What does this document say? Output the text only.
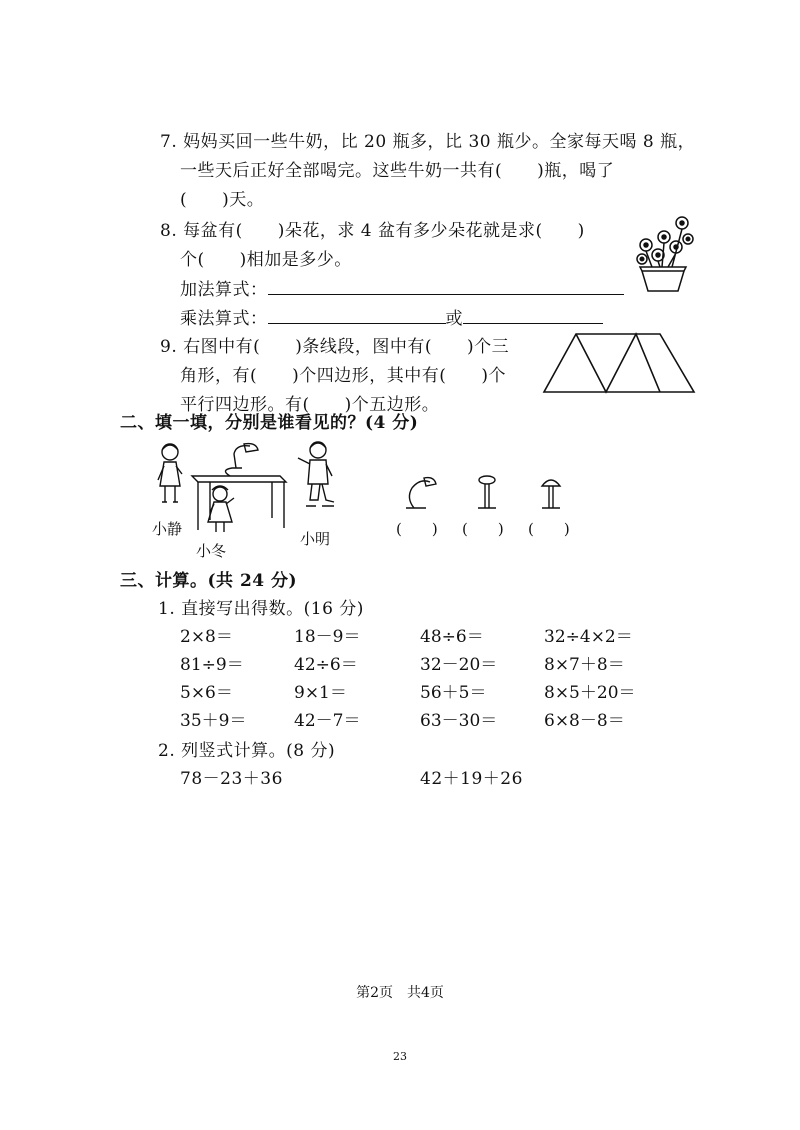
7. 妈妈买回一些牛奶，比 20 瓶多，比 30 瓶少。全家每天喝 8 瓶，
一些天后正好全部喝完。这些牛奶一共有(　　)瓶，喝了
(　　)天。
8. 每盆有(　　)朵花，求 4 盆有多少朵花就是求(　　)
个(　　)相加是多少。
加法算式：
乘法算式：	或
9. 右图中有(　　)条线段，图中有(　　)个三
角形，有(　　)个四边形，其中有(　　)个
平行四边形。有(　　)个五边形。
二、填一填，分别是谁看见的？(4 分)
小静
小冬
小明
(　　) (　　) (　　)
三、计算。(共 24 分)
1. 直接写出得数。(16 分)
2×8＝	18－9＝	48÷6＝	32÷4×2＝
81÷9＝	42÷6＝	32－20＝	8×7＋8＝
5×6＝	9×1＝	56＋5＝	8×5＋20＝
35＋9＝	42－7＝	63－30＝	6×8－8＝
2. 列竖式计算。(8 分)
78－23＋36	42＋19＋26
第2页　共4页
23
